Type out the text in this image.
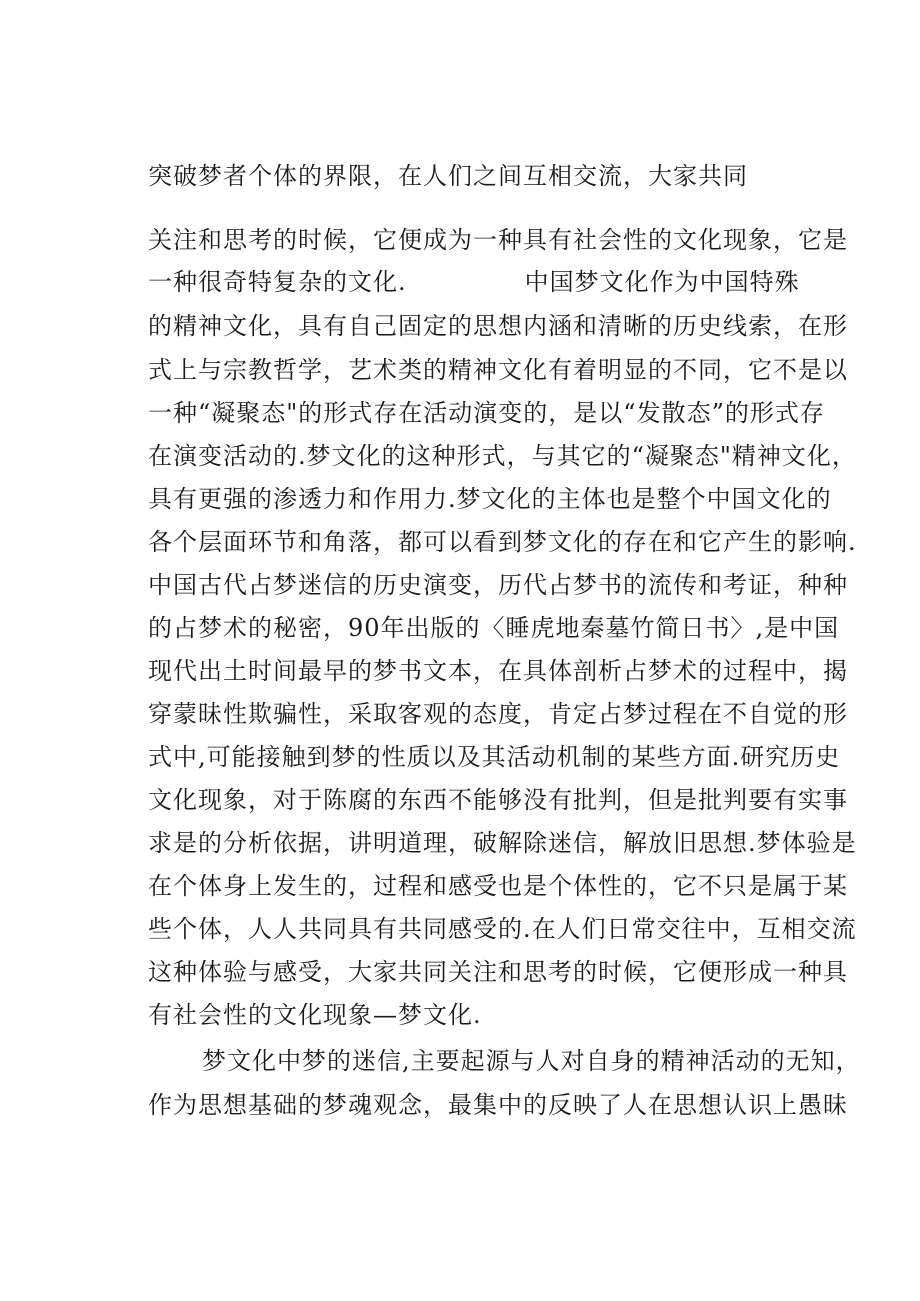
突破梦者个体的界限，在人们之间互相交流，大家共同
关注和思考的时候，它便成为一种具有社会性的文化现象，它是
一种很奇特复杂的文化.	中国梦文化作为中国特殊
的精神文化，具有自己固定的思想内涵和清晰的历史线索，在形
式上与宗教哲学，艺术类的精神文化有着明显的不同，它不是以
一种“凝聚态"的形式存在活动演变的，是以“发散态”的形式存
在演变活动的.梦文化的这种形式，与其它的“凝聚态"精神文化，
具有更强的渗透力和作用力.梦文化的主体也是整个中国文化的
各个层面环节和角落，都可以看到梦文化的存在和它产生的影响.
中国古代占梦迷信的历史演变，历代占梦书的流传和考证，种种
的占梦术的秘密，90年出版的〈睡虎地秦墓竹简日书〉,是中国
现代出土时间最早的梦书文本，在具体剖析占梦术的过程中，揭
穿蒙昧性欺骗性，采取客观的态度，肯定占梦过程在不自觉的形
式中,可能接触到梦的性质以及其活动机制的某些方面.研究历史
文化现象，对于陈腐的东西不能够没有批判，但是批判要有实事
求是的分析依据，讲明道理，破解除迷信，解放旧思想.梦体验是
在个体身上发生的，过程和感受也是个体性的，它不只是属于某
些个体，人人共同具有共同感受的.在人们日常交往中，互相交流
这种体验与感受，大家共同关注和思考的时候，它便形成一种具
有社会性的文化现象—梦文化.
梦文化中梦的迷信,主要起源与人对自身的精神活动的无知，
作为思想基础的梦魂观念，最集中的反映了人在思想认识上愚昧
